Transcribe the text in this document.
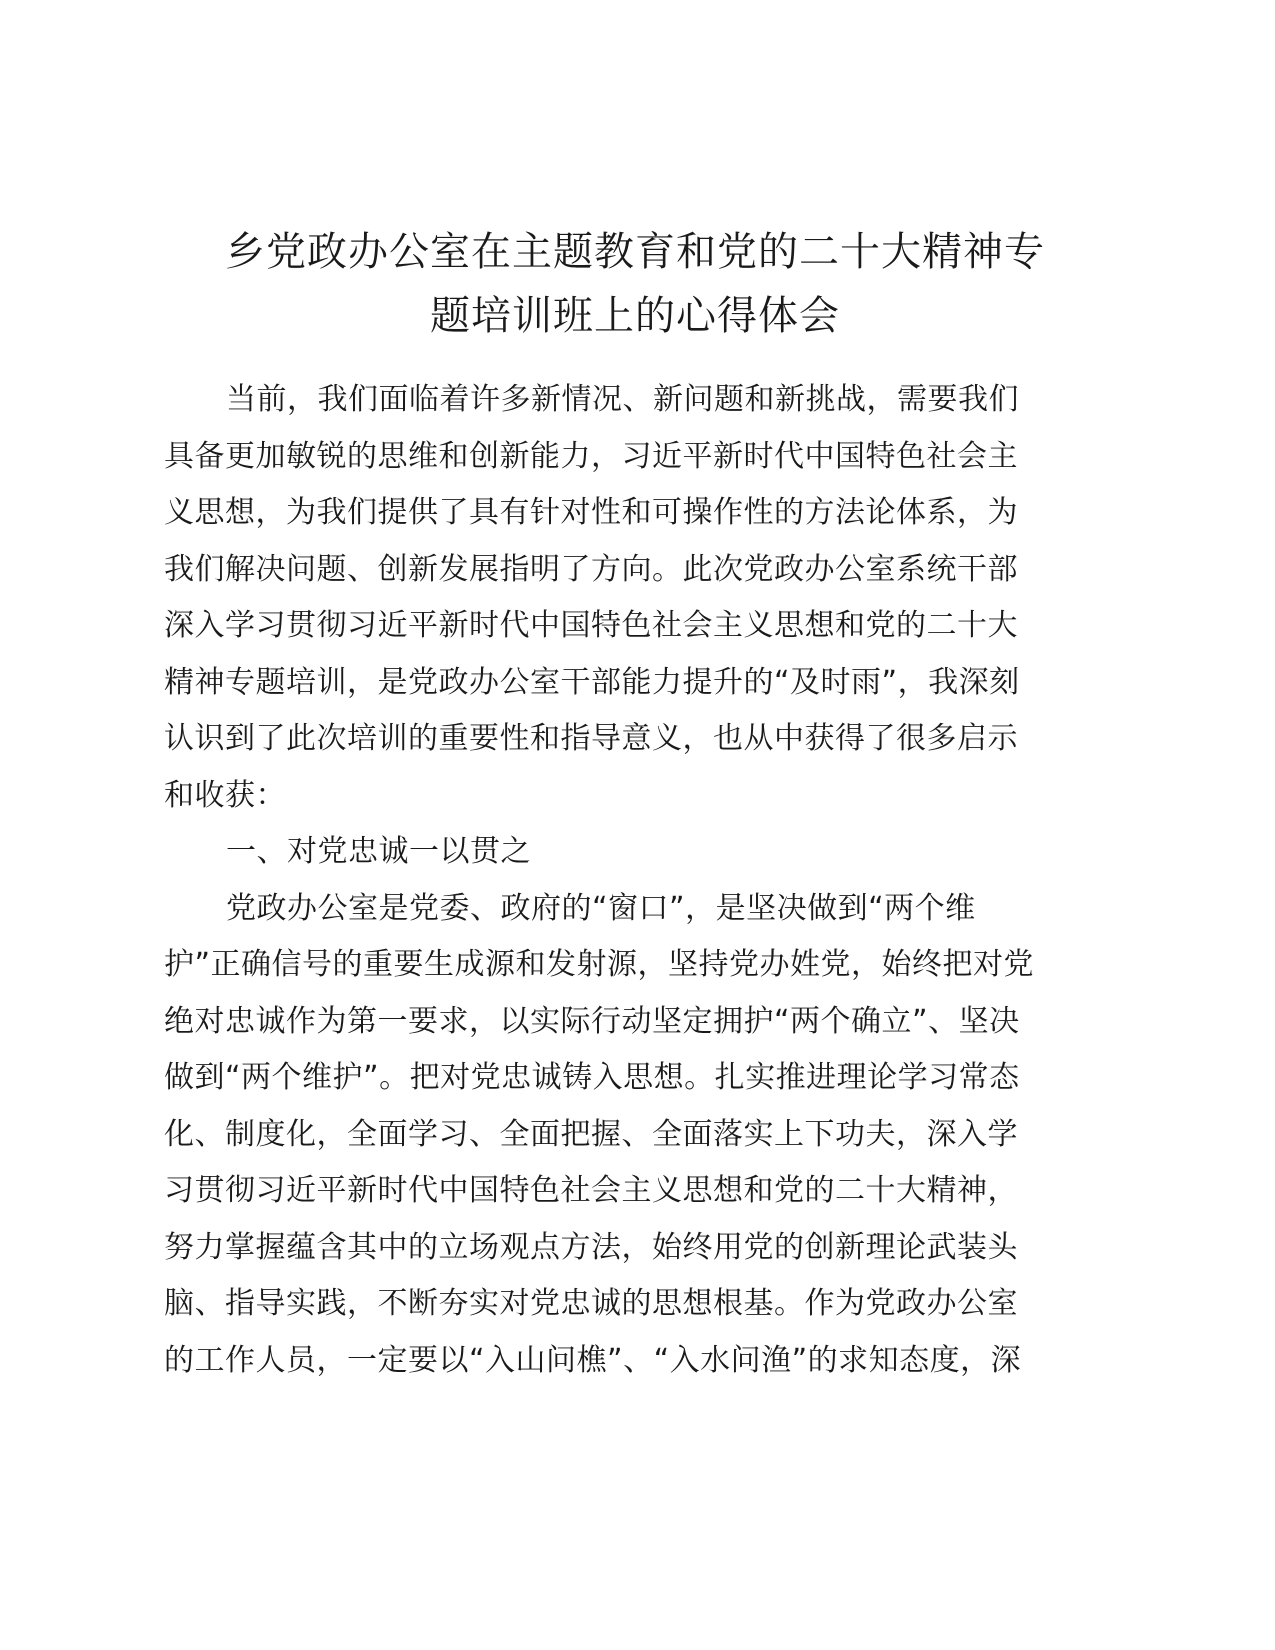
乡党政办公室在主题教育和党的二十大精神专
题培训班上的心得体会
当前，我们面临着许多新情况、新问题和新挑战，需要我们
具备更加敏锐的思维和创新能力，习近平新时代中国特色社会主
义思想，为我们提供了具有针对性和可操作性的方法论体系，为
我们解决问题、创新发展指明了方向。此次党政办公室系统干部
深入学习贯彻习近平新时代中国特色社会主义思想和党的二十大
精神专题培训，是党政办公室干部能力提升的“及时雨”，我深刻
认识到了此次培训的重要性和指导意义，也从中获得了很多启示
和收获：
一、对党忠诚一以贯之
党政办公室是党委、政府的“窗口”，是坚决做到“两个维
护”正确信号的重要生成源和发射源，坚持党办姓党，始终把对党
绝对忠诚作为第一要求，以实际行动坚定拥护“两个确立”、坚决
做到“两个维护”。把对党忠诚铸入思想。扎实推进理论学习常态
化、制度化，全面学习、全面把握、全面落实上下功夫，深入学
习贯彻习近平新时代中国特色社会主义思想和党的二十大精神，
努力掌握蕴含其中的立场观点方法，始终用党的创新理论武装头
脑、指导实践，不断夯实对党忠诚的思想根基。作为党政办公室
的工作人员，一定要以“入山问樵”、“入水问渔”的求知态度，深
